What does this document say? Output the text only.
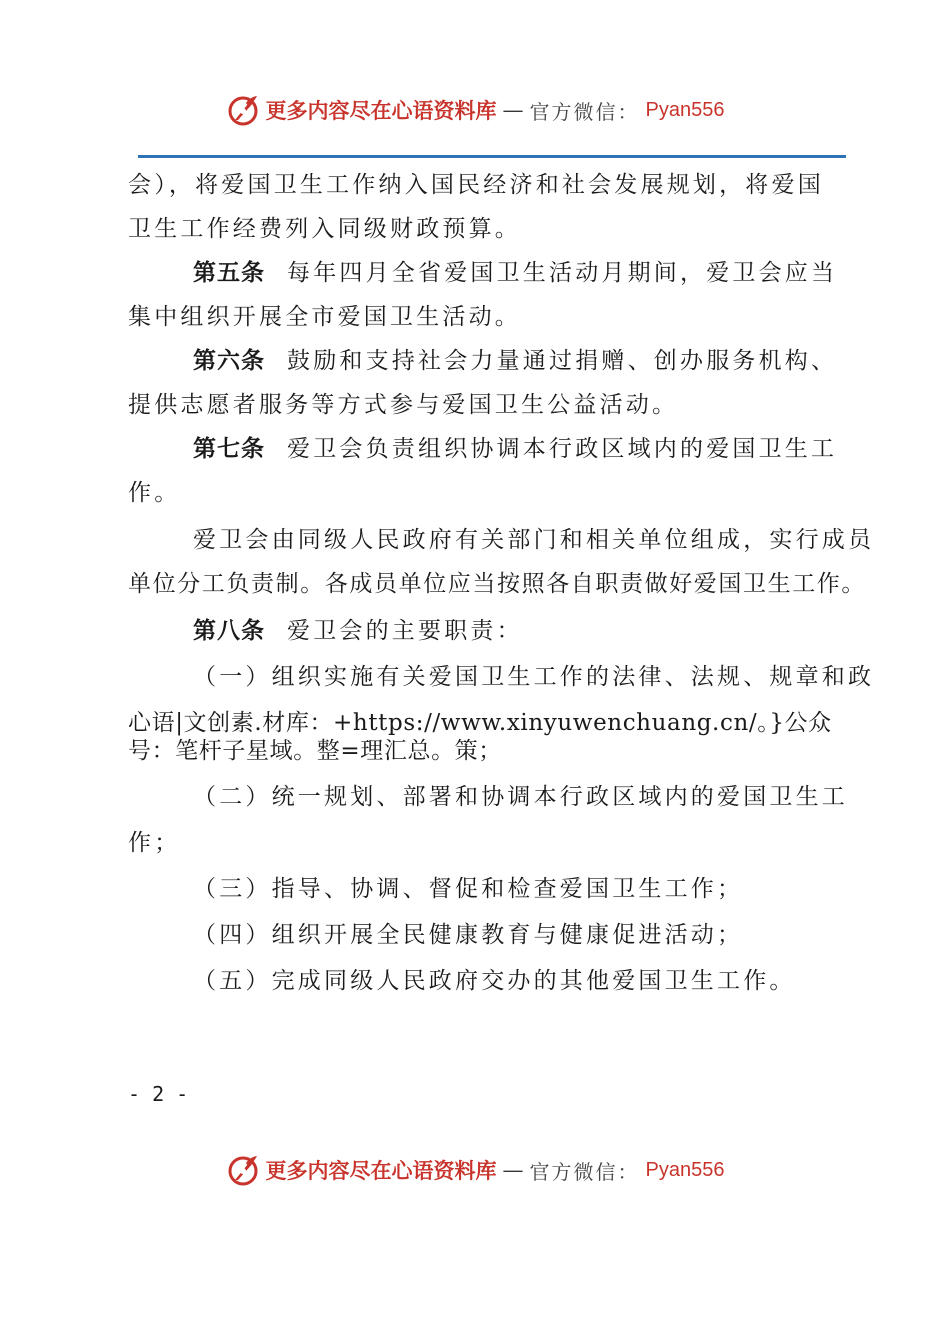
更多内容尽在心语资料库 — 官方微信： Pyan556
会），将爱国卫生工作纳入国民经济和社会发展规划，将爱国
卫生工作经费列入同级财政预算。
第五条 每年四月全省爱国卫生活动月期间，爱卫会应当
集中组织开展全市爱国卫生活动。
第六条 鼓励和支持社会力量通过捐赠、创办服务机构、
提供志愿者服务等方式参与爱国卫生公益活动。
第七条 爱卫会负责组织协调本行政区域内的爱国卫生工
作。
爱卫会由同级人民政府有关部门和相关单位组成，实行成员
单位分工负责制。各成员单位应当按照各自职责做好爱国卫生工作。
第八条 爱卫会的主要职责：
（一）组织实施有关爱国卫生工作的法律、法规、规章和政
心语|文创素.材库：+https://www.xinyuwenchuang.cn/。}公众
号：笔杆子星域。整=理汇总。策；
（二）统一规划、部署和协调本行政区域内的爱国卫生工
作；
（三）指导、协调、督促和检查爱国卫生工作；
（四）组织开展全民健康教育与健康促进活动；
（五）完成同级人民政府交办的其他爱国卫生工作。
- 2 -
更多内容尽在心语资料库 — 官方微信： Pyan556
